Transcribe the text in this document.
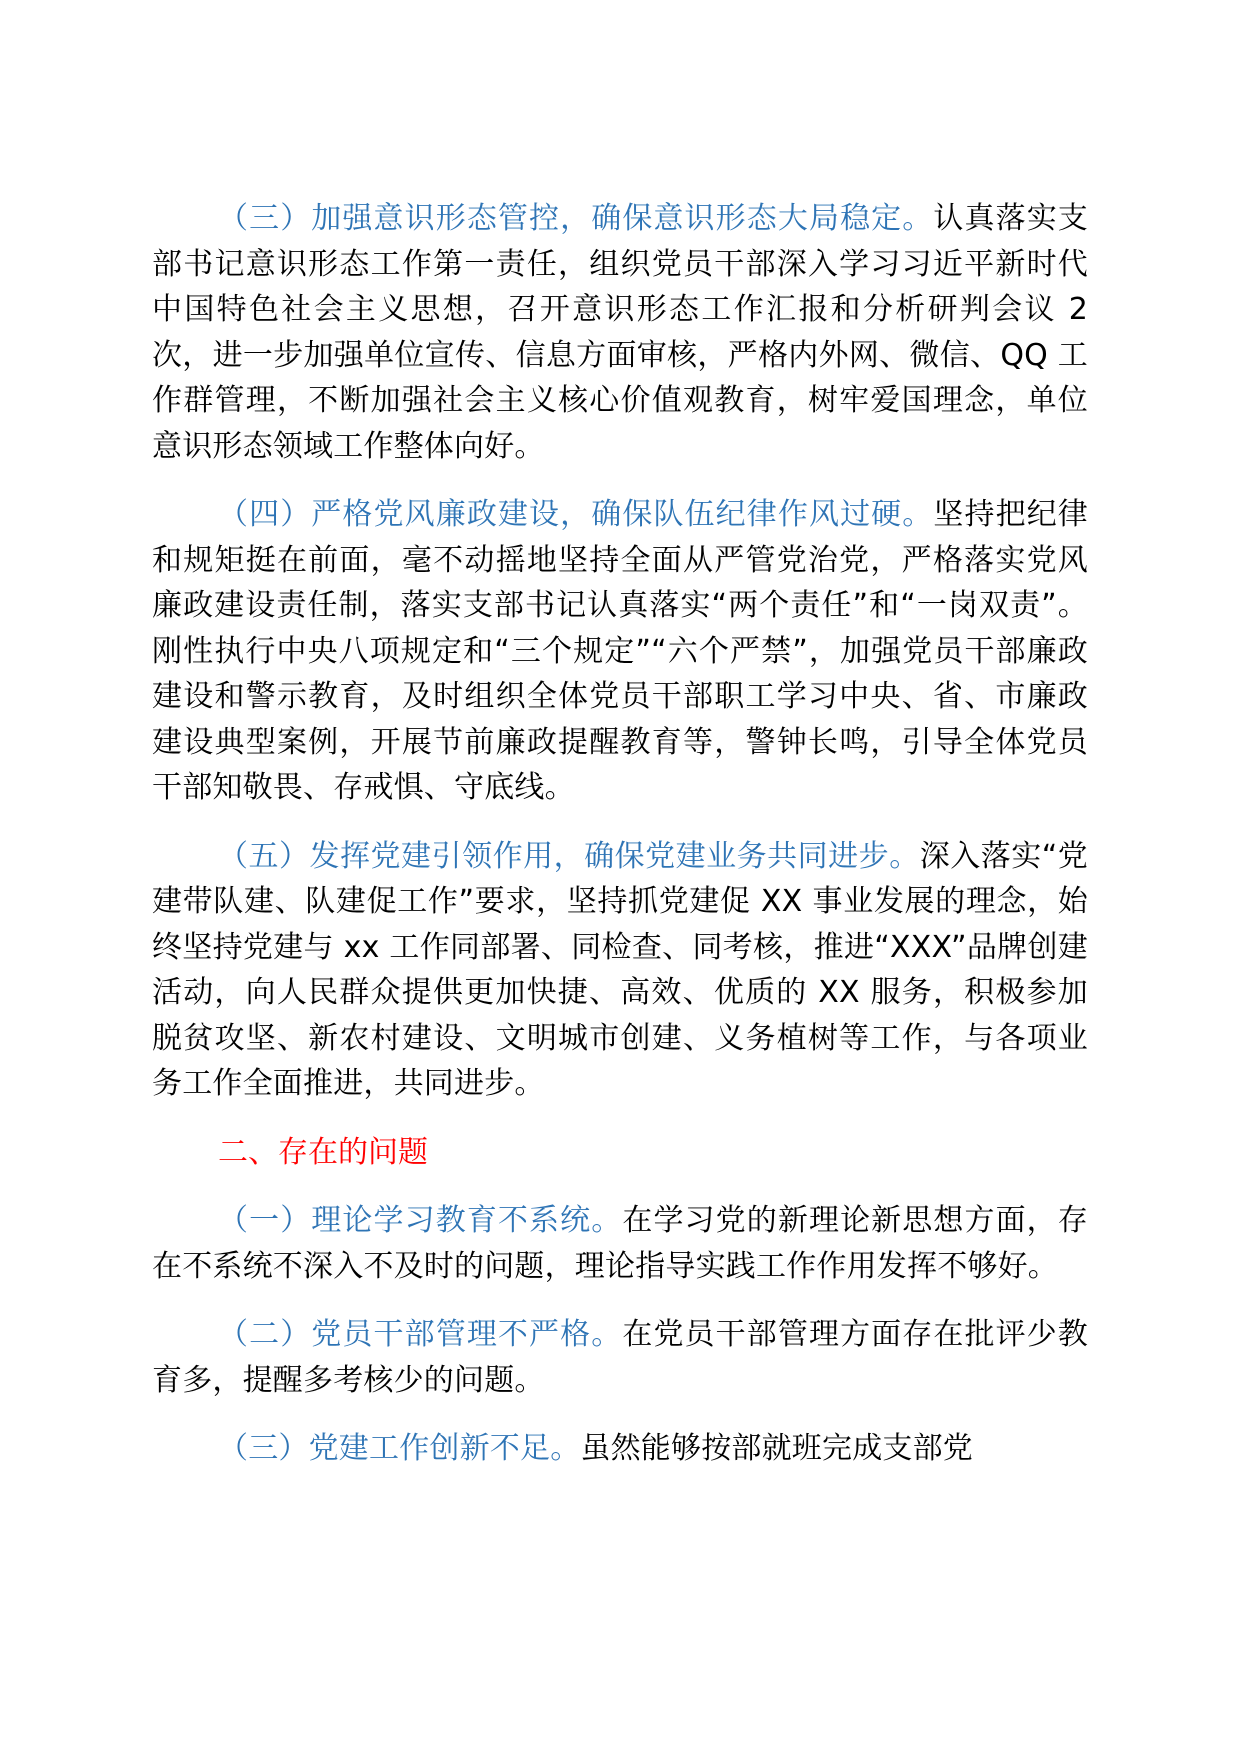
（三）加强意识形态管控，确保意识形态大局稳定。认真落实支部书记意识形态工作第一责任，组织党员干部深入学习习近平新时代中国特色社会主义思想，召开意识形态工作汇报和分析研判会议 2 次，进一步加强单位宣传、信息方面审核，严格内外网、微信、QQ 工作群管理，不断加强社会主义核心价值观教育，树牢爱国理念，单位意识形态领域工作整体向好。

（四）严格党风廉政建设，确保队伍纪律作风过硬。坚持把纪律和规矩挺在前面，毫不动摇地坚持全面从严管党治党，严格落实党风廉政建设责任制，落实支部书记认真落实“两个责任”和“一岗双责”。刚性执行中央八项规定和“三个规定”“六个严禁”，加强党员干部廉政建设和警示教育，及时组织全体党员干部职工学习中央、省、市廉政建设典型案例，开展节前廉政提醒教育等，警钟长鸣，引导全体党员干部知敬畏、存戒惧、守底线。

（五）发挥党建引领作用，确保党建业务共同进步。深入落实“党建带队建、队建促工作”要求，坚持抓党建促 XX 事业发展的理念，始终坚持党建与 xx 工作同部署、同检查、同考核，推进“XXX”品牌创建活动，向人民群众提供更加快捷、高效、优质的 XX 服务，积极参加脱贫攻坚、新农村建设、文明城市创建、义务植树等工作，与各项业务工作全面推进，共同进步。

二、存在的问题

（一）理论学习教育不系统。在学习党的新理论新思想方面，存在不系统不深入不及时的问题，理论指导实践工作作用发挥不够好。

（二）党员干部管理不严格。在党员干部管理方面存在批评少教育多，提醒多考核少的问题。

（三）党建工作创新不足。虽然能够按部就班完成支部党
